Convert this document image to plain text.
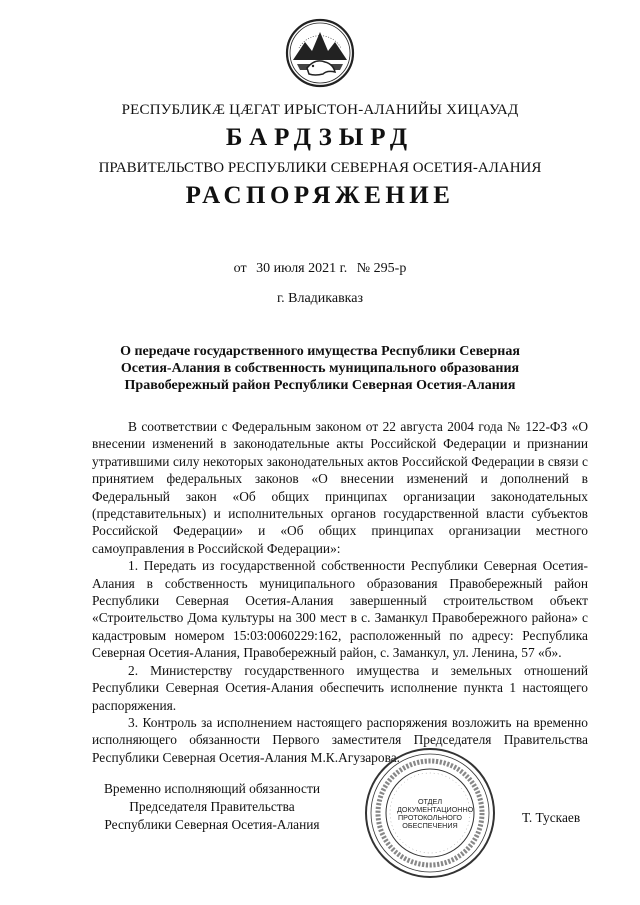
РЕСПУБЛИКӔ ЦӔГАТ ИРЫСТОН-АЛАНИЙЫ ХИЦАУАД
БАРДЗЫРД
ПРАВИТЕЛЬСТВО РЕСПУБЛИКИ СЕВЕРНАЯ ОСЕТИЯ-АЛАНИЯ
РАСПОРЯЖЕНИЕ
от 30 июля 2021 г. № 295-р
г. Владикавказ
О передаче государственного имущества Республики Северная
Осетия-Алания в собственность муниципального образования
Правобережный район Республики Северная Осетия-Алания

В соответствии с Федеральным законом от 22 августа 2004 года № 122-ФЗ «О внесении изменений в законодательные акты Российской Федерации и признании утратившими силу некоторых законодательных актов Российской Федерации в связи с принятием федеральных законов «О внесении изменений и дополнений в Федеральный закон «Об общих принципах организации законодательных (представительных) и исполнительных органов государственной власти субъектов Российской Федерации» и «Об общих принципах организации местного самоуправления в Российской Федерации»:

1. Передать из государственной собственности Республики Северная Осетия-Алания в собственность муниципального образования Правобережный район Республики Северная Осетия-Алания завершенный строительством объект «Строительство Дома культуры на 300 мест в с. Заманкул Правобережного района» с кадастровым номером 15:03:0060229:162, расположенный по адресу: Республика Северная Осетия-Алания, Правобережный район, с. Заманкул, ул. Ленина, 57 «б».

2. Министерству государственного имущества и земельных отношений Республики Северная Осетия-Алания обеспечить исполнение пункта 1 настоящего распоряжения.

3. Контроль за исполнением настоящего распоряжения возложить на временно исполняющего обязанности Первого заместителя Председателя Правительства Республики Северная Осетия-Алания М.К.Агузарова.

Временно исполняющий обязанности
Председателя Правительства
Республики Северная Осетия-Алания
ОТДЕЛ
ДОКУМЕНТАЦИОННО
ПРОТОКОЛЬНОГО
ОБЕСПЕЧЕНИЯ
Т. Тускаев
